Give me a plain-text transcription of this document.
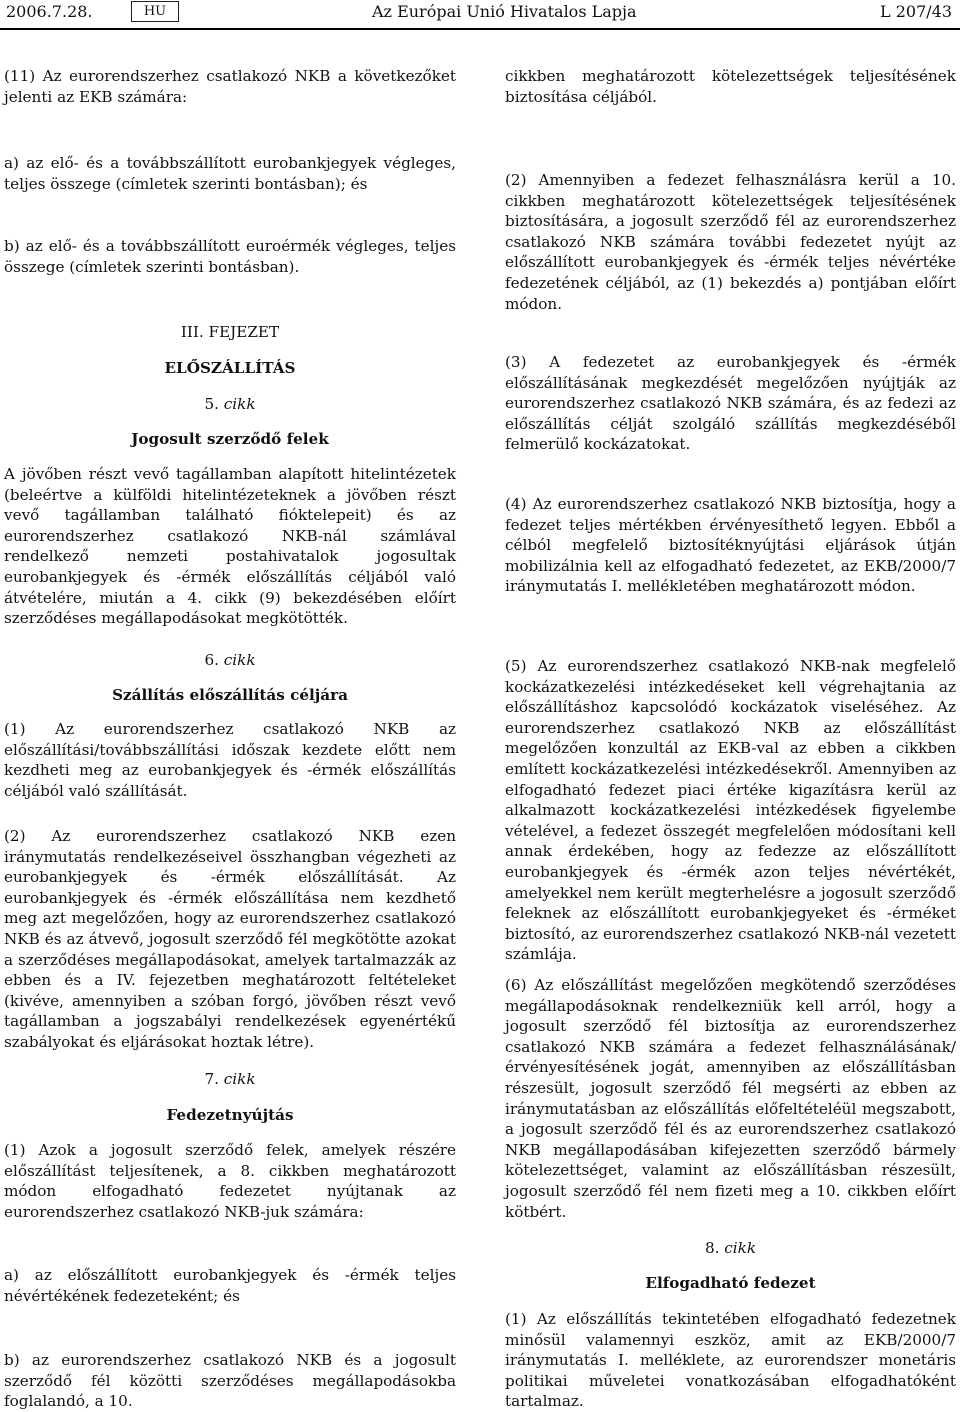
2006.7.28.	HU	Az Európai Unió Hivatalos Lapja	L 207/43

(11) Az eurorendszerhez csatlakozó NKB a következőket jelenti az EKB számára:

a) az elő- és a továbbszállított eurobankjegyek végleges, teljes összege (címletek szerinti bontásban); és

b) az elő- és a továbbszállított euroérmék végleges, teljes összege (címletek szerinti bontásban).

III. FEJEZET

ELŐSZÁLLÍTÁS

5. cikk

Jogosult szerződő felek

A jövőben részt vevő tagállamban alapított hitelintézetek (beleértve a külföldi hitelintézeteknek a jövőben részt vevő tagállamban található fióktelepeit) és az eurorendszerhez csatlakozó NKB-nál számlával rendelkező nemzeti postahivatalok jogosultak eurobankjegyek és -érmék előszállítás céljából való átvételére, miután a 4. cikk (9) bekezdésében előírt szerződéses megállapodásokat megkötötték.

6. cikk

Szállítás előszállítás céljára

(1) Az eurorendszerhez csatlakozó NKB az előszállítási/továbbszállítási időszak kezdete előtt nem kezdheti meg az eurobankjegyek és -érmék előszállítás céljából való szállítását.

(2) Az eurorendszerhez csatlakozó NKB ezen iránymutatás rendelkezéseivel összhangban végezheti az eurobankjegyek és -érmék előszállítását. Az eurobankjegyek és -érmék előszállítása nem kezdhető meg azt megelőzően, hogy az eurorendszerhez csatlakozó NKB és az átvevő, jogosult szerződő fél megkötötte azokat a szerződéses megállapodásokat, amelyek tartalmazzák az ebben és a IV. fejezetben meghatározott feltételeket (kivéve, amennyiben a szóban forgó, jövőben részt vevő tagállamban a jogszabályi rendelkezések egyenértékű szabályokat és eljárásokat hoztak létre).

7. cikk

Fedezetnyújtás

(1) Azok a jogosult szerződő felek, amelyek részére előszállítást teljesítenek, a 8. cikkben meghatározott módon elfogadható fedezetet nyújtanak az eurorendszerhez csatlakozó NKB-juk számára:

a) az előszállított eurobankjegyek és -érmék teljes névértékének fedezeteként; és

b) az eurorendszerhez csatlakozó NKB és a jogosult szerződő fél közötti szerződéses megállapodásokba foglalandó, a 10.

cikkben meghatározott kötelezettségek teljesítésének biztosítása céljából.

(2) Amennyiben a fedezet felhasználásra kerül a 10. cikkben meghatározott kötelezettségek teljesítésének biztosítására, a jogosult szerződő fél az eurorendszerhez csatlakozó NKB számára további fedezetet nyújt az előszállított eurobankjegyek és -érmék teljes névértéke fedezetének céljából, az (1) bekezdés a) pontjában előírt módon.

(3) A fedezetet az eurobankjegyek és -érmék előszállításának megkezdését megelőzően nyújtják az eurorendszerhez csatlakozó NKB számára, és az fedezi az előszállítás célját szolgáló szállítás megkezdéséből felmerülő kockázatokat.

(4) Az eurorendszerhez csatlakozó NKB biztosítja, hogy a fedezet teljes mértékben érvényesíthető legyen. Ebből a célból megfelelő biztosítéknyújtási eljárások útján mobilizálnia kell az elfogadható fedezetet, az EKB/2000/7 iránymutatás I. mellékletében meghatározott módon.

(5) Az eurorendszerhez csatlakozó NKB-nak megfelelő kockázatkezelési intézkedéseket kell végrehajtania az előszállításhoz kapcsolódó kockázatok viseléséhez. Az eurorendszerhez csatlakozó NKB az előszállítást megelőzően konzultál az EKB-val az ebben a cikkben említett kockázatkezelési intézkedésekről. Amennyiben az elfogadható fedezet piaci értéke kigazításra kerül az alkalmazott kockázatkezelési intézkedések figyelembe vételével, a fedezet összegét megfelelően módosítani kell annak érdekében, hogy az fedezze az előszállított eurobankjegyek és -érmék azon teljes névértékét, amelyekkel nem került megterhelésre a jogosult szerződő feleknek az előszállított eurobankjegyeket és -érméket biztosító, az eurorendszerhez csatlakozó NKB-nál vezetett számlája.

(6) Az előszállítást megelőzően megkötendő szerződéses megállapodásoknak rendelkezniük kell arról, hogy a jogosult szerződő fél biztosítja az eurorendszerhez csatlakozó NKB számára a fedezet felhasználásának/érvényesítésének jogát, amennyiben az előszállításban részesült, jogosult szerződő fél megsérti az ebben az iránymutatásban az előszállítás előfeltételéül megszabott, a jogosult szerződő fél és az eurorendszerhez csatlakozó NKB megállapodásában kifejezetten szerződő bármely kötelezettséget, valamint az előszállításban részesült, jogosult szerződő fél nem fizeti meg a 10. cikkben előírt kötbért.

8. cikk

Elfogadható fedezet

(1) Az előszállítás tekintetében elfogadható fedezetnek minősül valamennyi eszköz, amit az EKB/2000/7 iránymutatás I. melléklete, az eurorendszer monetáris politikai műveletei vonatkozásában elfogadhatóként tartalmaz.
